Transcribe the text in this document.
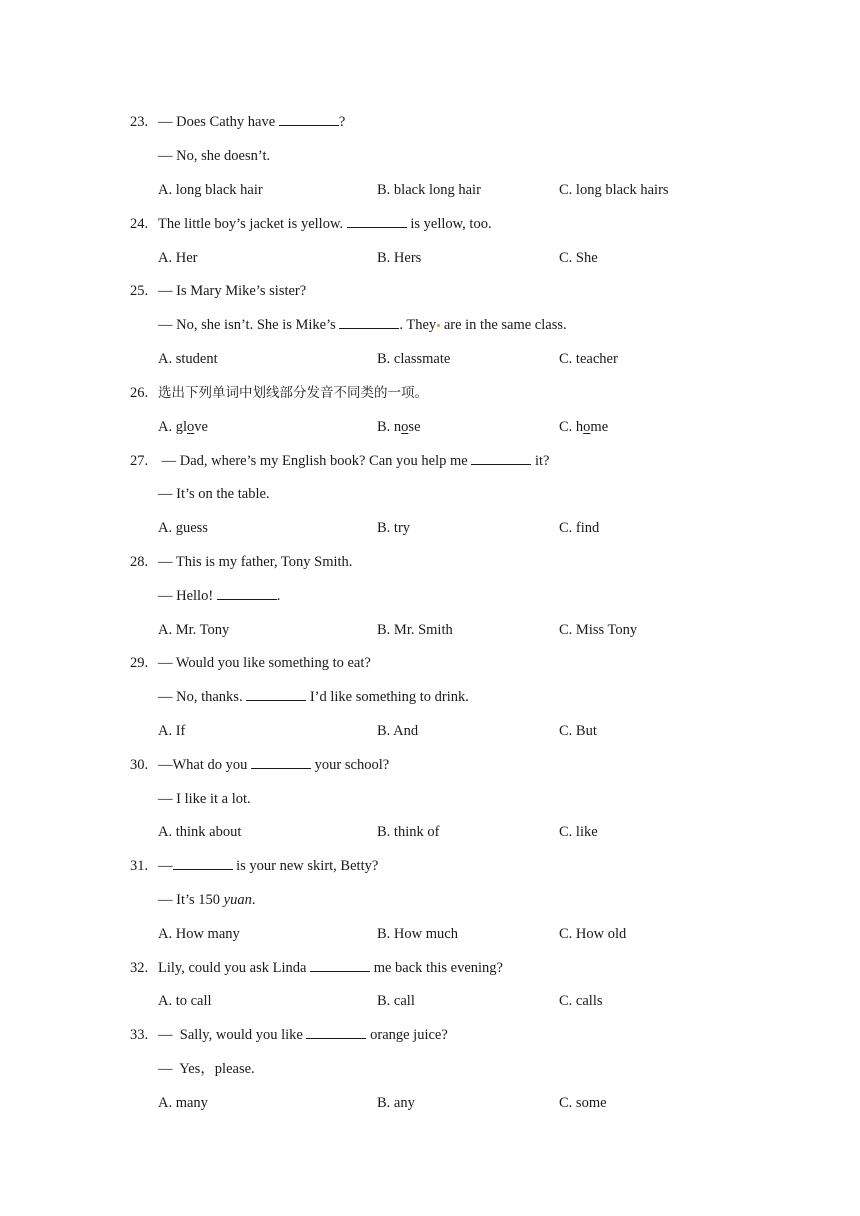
23. — Does Cathy have	?
— No, she doesn’t.
A. long black hair	B. black long hair	C. long black hairs
24. The little boy’s jacket is yellow.	is yellow, too.
A. Her	B. Hers	C. She
25. — Is Mary Mike’s sister?
— No, she isn’t. She is Mike’s	. They are in the same class.
A. student	B. classmate	C. teacher
26. 选出下列单词中划线部分发音不同类的一项。
A. glove	B. nose	C. home
27. — Dad, where’s my English book? Can you help me	it?
— It’s on the table.
A. guess	B. try	C. find
28. — This is my father, Tony Smith.
— Hello!	.
A. Mr. Tony	B. Mr. Smith	C. Miss Tony
29. — Would you like something to eat?
— No, thanks.	I’d like something to drink.
A. If	B. And	C. But
30. —What do you	your school?
— I like it a lot.
A. think about	B. think of	C. like
31. —	is your new skirt, Betty?
— It’s 150 yuan.
A. How many	B. How much	C. How old
32. Lily, could you ask Linda	me back this evening?
A. to call	B. call	C. calls
33. —  Sally, would you like	orange juice?
—  Yes，please.
A. many	B. any	C. some
